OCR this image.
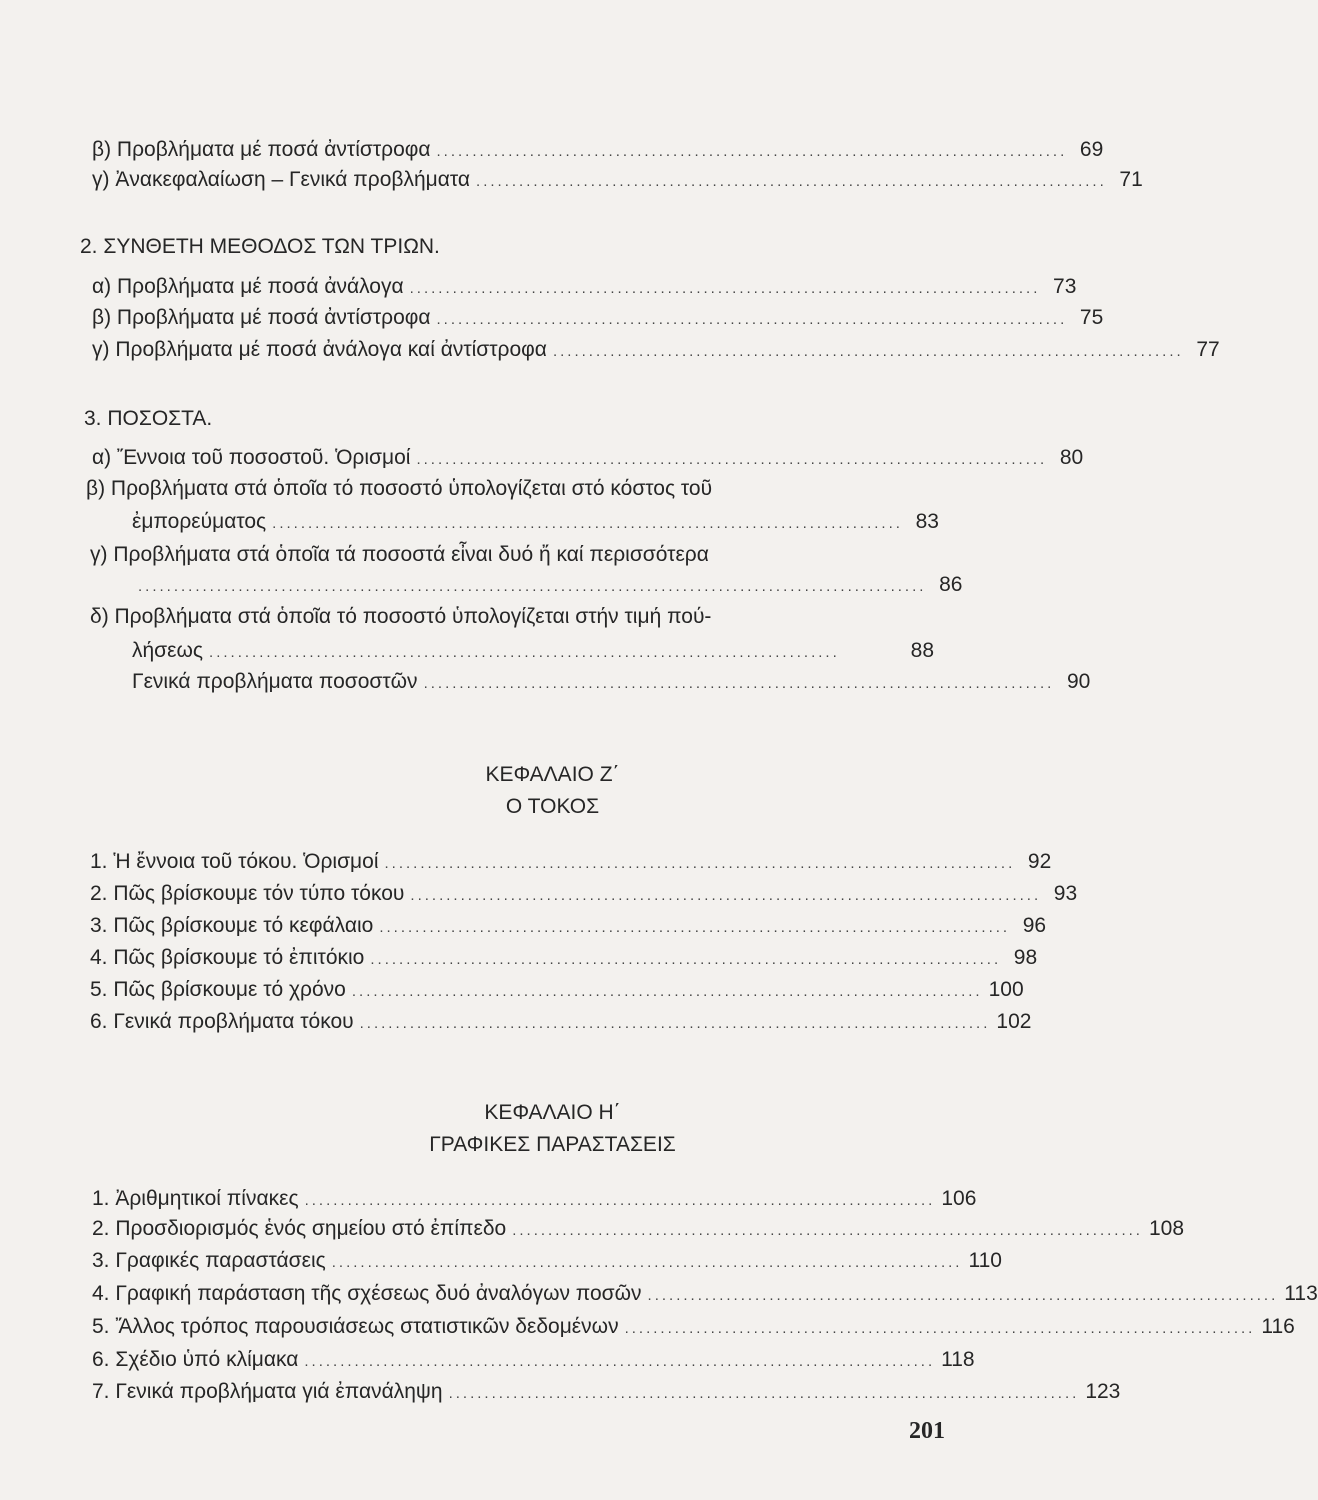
β) Προβλήματα μέ ποσά ἀντίστροφα ........................................................................................ 69
γ) Ἀνακεφαλαίωση – Γενικά προβλήματα ........................................................................................ 71
2. ΣΥΝΘΕΤΗ ΜΕΘΟΔΟΣ ΤΩΝ ΤΡΙΩΝ.
α) Προβλήματα μέ ποσά ἀνάλογα ........................................................................................ 73
β) Προβλήματα μέ ποσά ἀντίστροφα ........................................................................................ 75
γ) Προβλήματα μέ ποσά ἀνάλογα καί ἀντίστροφα ........................................................................................ 77
3. ΠΟΣΟΣΤΑ.
α) Ἔννοια τοῦ ποσοστοῦ. Ὁρισμοί ........................................................................................ 80
β) Προβλήματα στά ὁποῖα τό ποσοστό ὑπολογίζεται στό κόστος τοῦ
ἐμπορεύματος ........................................................................................ 83
γ) Προβλήματα στά ὁποῖα τά ποσοστά εἶναι δυό ἤ καί περισσότερα
.............................................................................................................. 86
δ) Προβλήματα στά ὁποῖα τό ποσοστό ὑπολογίζεται στήν τιμή πού-
λήσεως ........................................................................................	88
Γενικά προβλήματα ποσοστῶν ........................................................................................ 90
ΚΕΦΑΛΑΙΟ Ζ΄
Ο ΤΟΚΟΣ
1. Ἡ ἔννοια τοῦ τόκου. Ὁρισμοί ........................................................................................ 92
2. Πῶς βρίσκουμε τόν τύπο τόκου ........................................................................................ 93
3. Πῶς βρίσκουμε τό κεφάλαιο ........................................................................................ 96
4. Πῶς βρίσκουμε τό ἐπιτόκιο ........................................................................................ 98
5. Πῶς βρίσκουμε τό χρόνο ........................................................................................ 100
6. Γενικά προβλήματα τόκου ........................................................................................ 102
ΚΕΦΑΛΑΙΟ Η΄
ΓΡΑΦΙΚΕΣ ΠΑΡΑΣΤΑΣΕΙΣ
1. Ἀριθμητικοί πίνακες ........................................................................................ 106
2. Προσδιορισμός ἑνός σημείου στό ἐπίπεδο ........................................................................................ 108
3. Γραφικές παραστάσεις ........................................................................................ 110
4. Γραφική παράσταση τῆς σχέσεως δυό ἀναλόγων ποσῶν ........................................................................................ 113
5. Ἄλλος τρόπος παρουσιάσεως στατιστικῶν δεδομένων ........................................................................................ 116
6. Σχέδιο ὑπό κλίμακα ........................................................................................ 118
7. Γενικά προβλήματα γιά ἐπανάληψη ........................................................................................ 123
201
